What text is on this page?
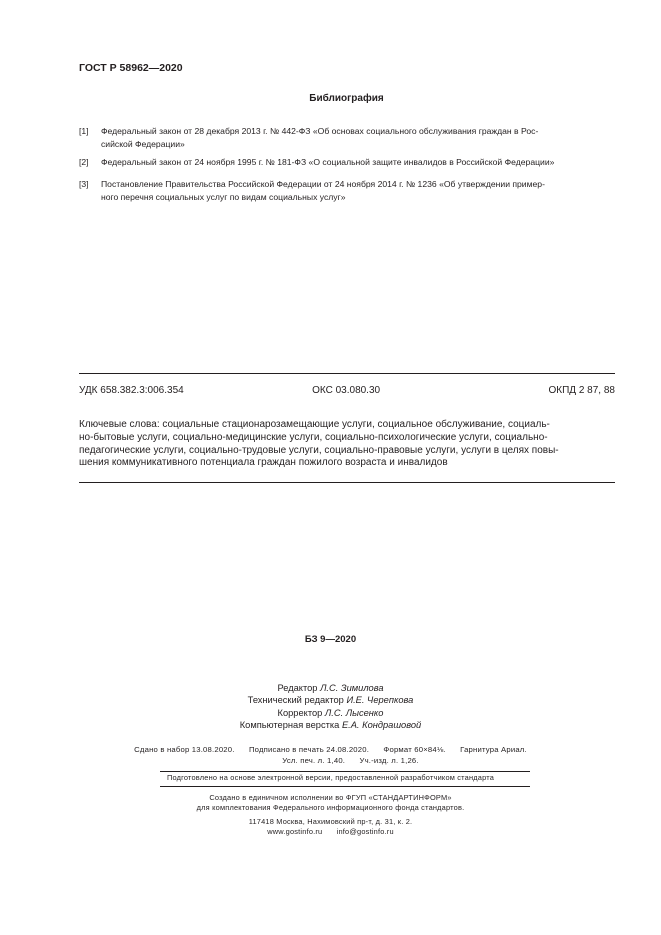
ГОСТ Р 58962—2020
Библиография
[1]	Федеральный закон от 28 декабря 2013 г. № 442-ФЗ «Об основах социального обслуживания граждан в Рос-
сийской Федерации»
[2]	Федеральный закон от 24 ноября 1995 г. № 181-ФЗ «О социальной защите инвалидов в Российской Федерации»
[3]	Постановление Правительства Российской Федерации от 24 ноября 2014 г. № 1236 «Об утверждении пример-
ного перечня социальных услуг по видам социальных услуг»
УДК 658.382.3:006.354	ОКС 03.080.30	ОКПД 2 87, 88
Ключевые слова: социальные стационарозамещающие услуги, социальное обслуживание, социаль-
но-бытовые услуги, социально-медицинские услуги, социально-психологические услуги, социально-
педагогические услуги, социально-трудовые услуги, социально-правовые услуги, услуги в целях повы-
шения коммуникативного потенциала граждан пожилого возраста и инвалидов
БЗ 9—2020
Редактор Л.С. Зимилова
Технический редактор И.Е. Черепкова
Корректор Л.С. Лысенко
Компьютерная верстка Е.А. Кондрашовой
Сдано в набор 13.08.2020. Подписано в печать 24.08.2020. Формат 60×84⅛. Гарнитура Ариал.
Усл. печ. л. 1,40. Уч.-изд. л. 1,26.
Подготовлено на основе электронной версии, предоставленной разработчиком стандарта
Создано в единичном исполнении во ФГУП «СТАНДАРТИНФОРМ»
для комплектования Федерального информационного фонда стандартов.
117418 Москва, Нахимовский пр-т, д. 31, к. 2.
www.gostinfo.ru info@gostinfo.ru
